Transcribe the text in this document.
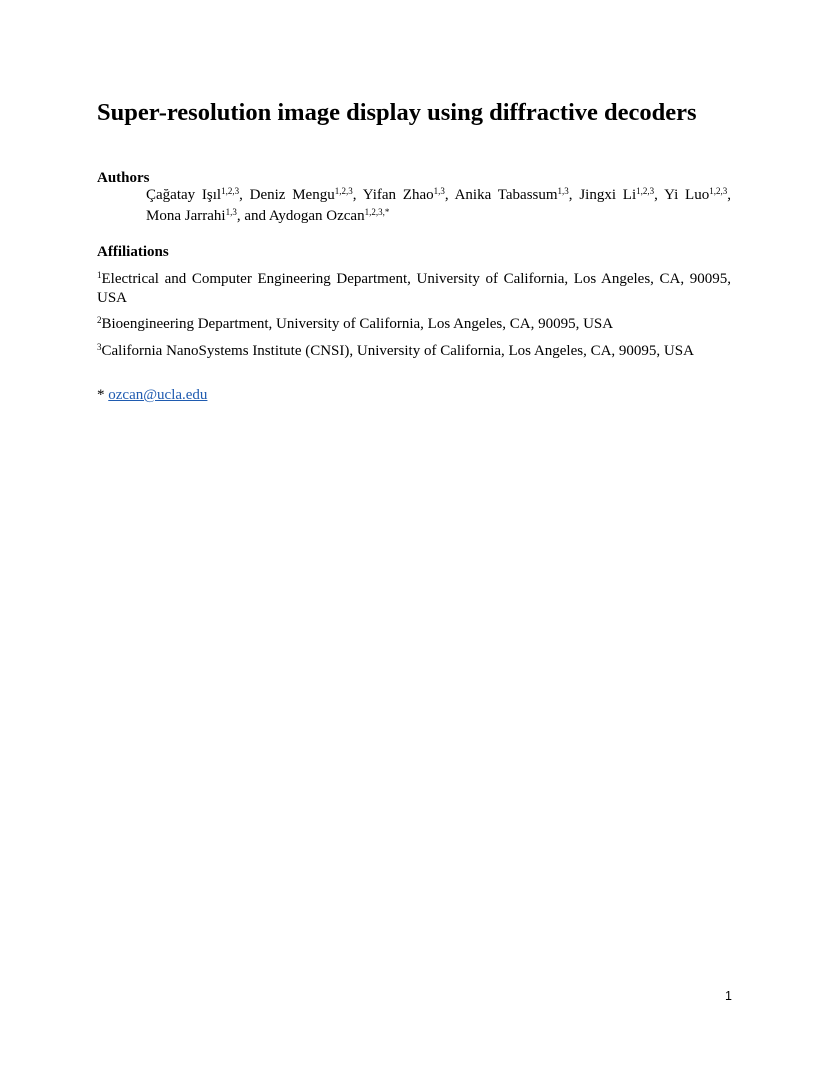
Super-resolution image display using diffractive decoders
Authors

Çağatay Işıl$^{1,2,3}$, Deniz Mengu$^{1,2,3}$, Yifan Zhao$^{1,3}$, Anika Tabassum$^{1,3}$, Jingxi Li$^{1,2,3}$, Yi Luo$^{1,2,3}$, Mona Jarrahi$^{1,3}$, and Aydogan Ozcan$^{1,2,3,*}$

Affiliations

$^1$Electrical and Computer Engineering Department, University of California, Los Angeles, CA, 90095, USA

$^2$Bioengineering Department, University of California, Los Angeles, CA, 90095, USA

$^3$California NanoSystems Institute (CNSI), University of California, Los Angeles, CA, 90095, USA

* ozcan@ucla.edu

1
